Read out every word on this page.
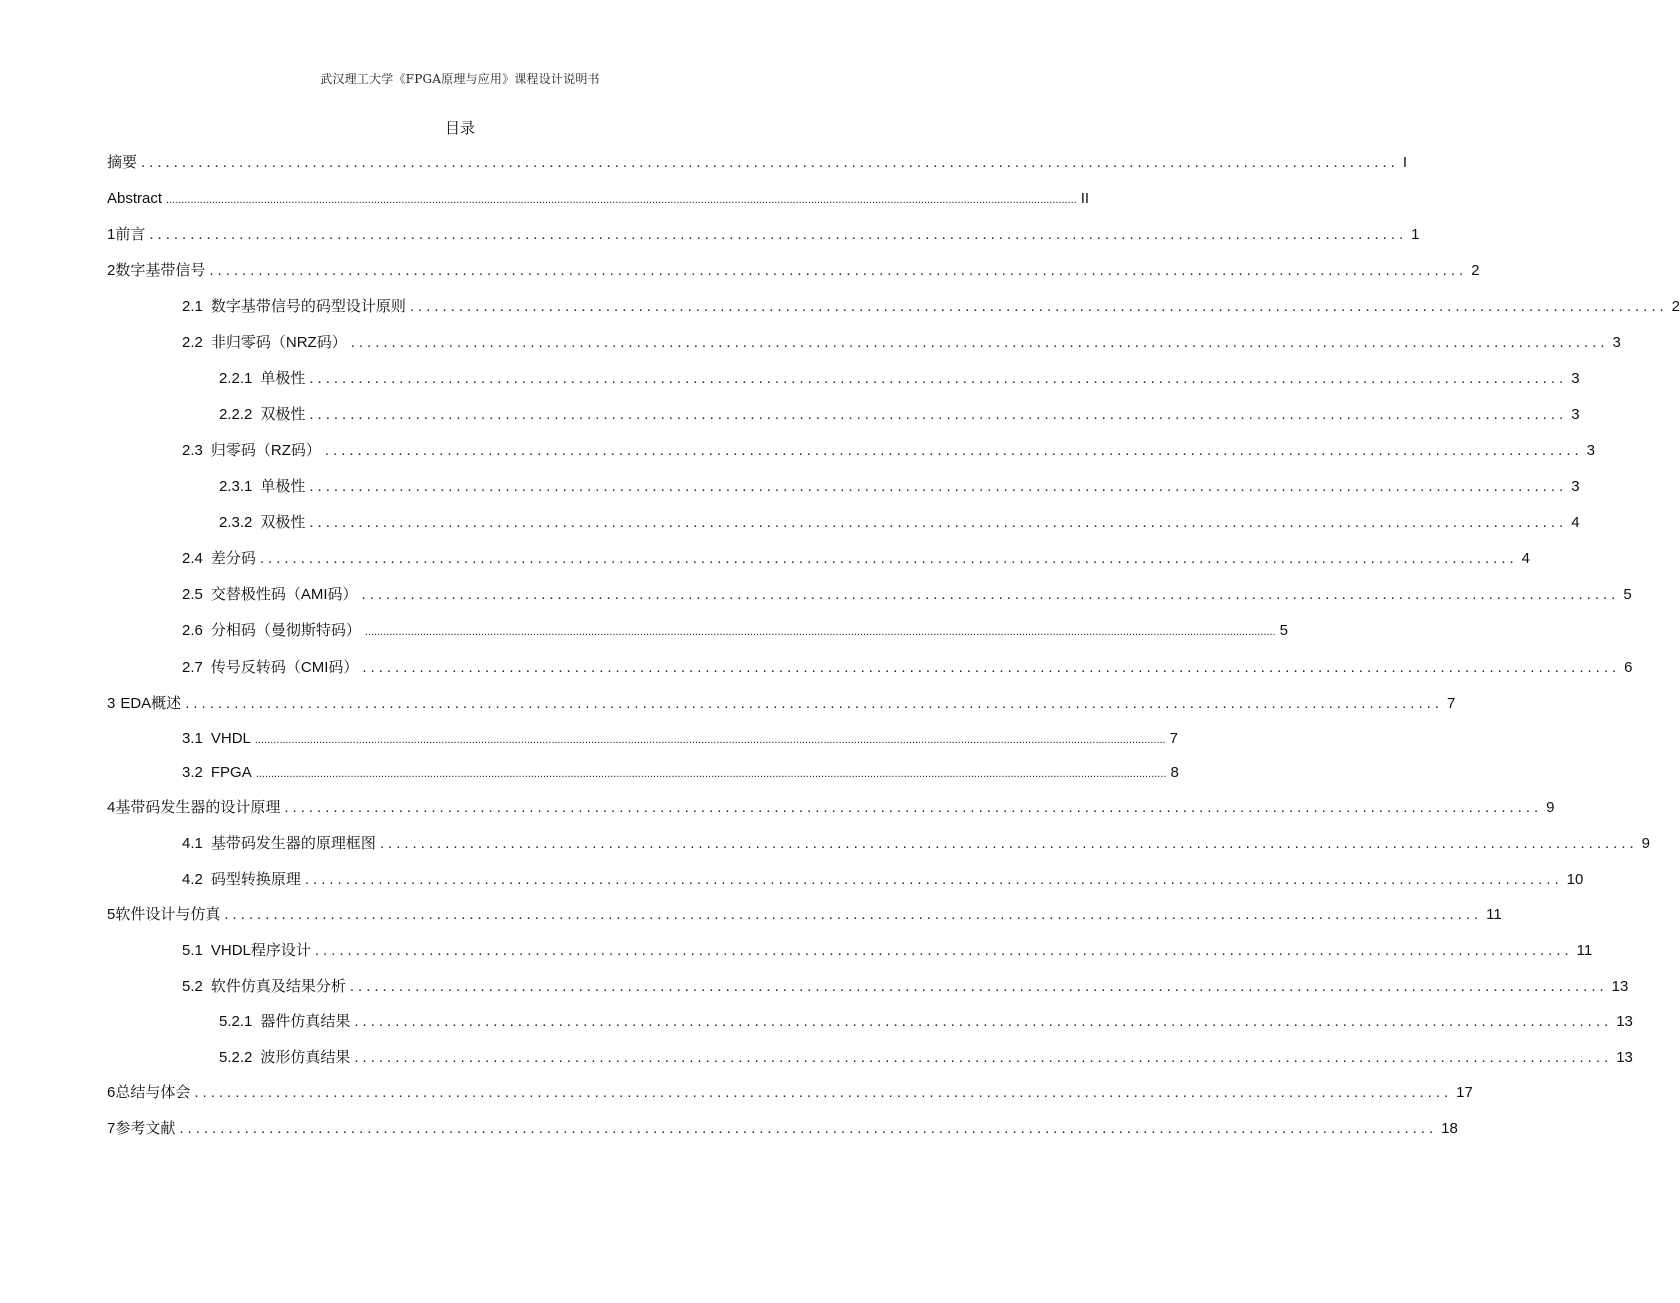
武汉理工大学《FPGA原理与应用》课程设计说明书
目录
摘要 .......................................................................................................................................................... I
Abstract .......................................................................................................................................................................................................................................................................................................... II
1 前言 .......................................................................................................................................................... 1
2 数字基带信号 .......................................................................................................................................................... 2
2.1 数字基带信号的码型设计原则 .......................................................................................................................................................... 2
2.2 非归零码（NRZ码） .......................................................................................................................................................... 3
2.2.1 单极性 .......................................................................................................................................................... 3
2.2.2 双极性 .......................................................................................................................................................... 3
2.3 归零码（RZ码） .......................................................................................................................................................... 3
2.3.1 单极性 .......................................................................................................................................................... 3
2.3.2 双极性 .......................................................................................................................................................... 4
2.4 差分码 .......................................................................................................................................................... 4
2.5 交替极性码（AMI码） .......................................................................................................................................................... 5
2.6 分相码（曼彻斯特码） .......................................................................................................................................................................................................................................................................................................... 5
2.7 传号反转码（CMI码） .......................................................................................................................................................... 6
3 EDA概述 .......................................................................................................................................................... 7
3.1 VHDL .......................................................................................................................................................................................................................................................................................................... 7
3.2 FPGA .......................................................................................................................................................................................................................................................................................................... 8
4 基带码发生器的设计原理 .......................................................................................................................................................... 9
4.1 基带码发生器的原理框图 .......................................................................................................................................................... 9
4.2 码型转换原理 .......................................................................................................................................................... 10
5 软件设计与仿真 .......................................................................................................................................................... 11
5.1 VHDL程序设计 .......................................................................................................................................................... 11
5.2 软件仿真及结果分析 .......................................................................................................................................................... 13
5.2.1 器件仿真结果 .......................................................................................................................................................... 13
5.2.2 波形仿真结果 .......................................................................................................................................................... 13
6 总结与体会 .......................................................................................................................................................... 17
7 参考文献 .......................................................................................................................................................... 18
